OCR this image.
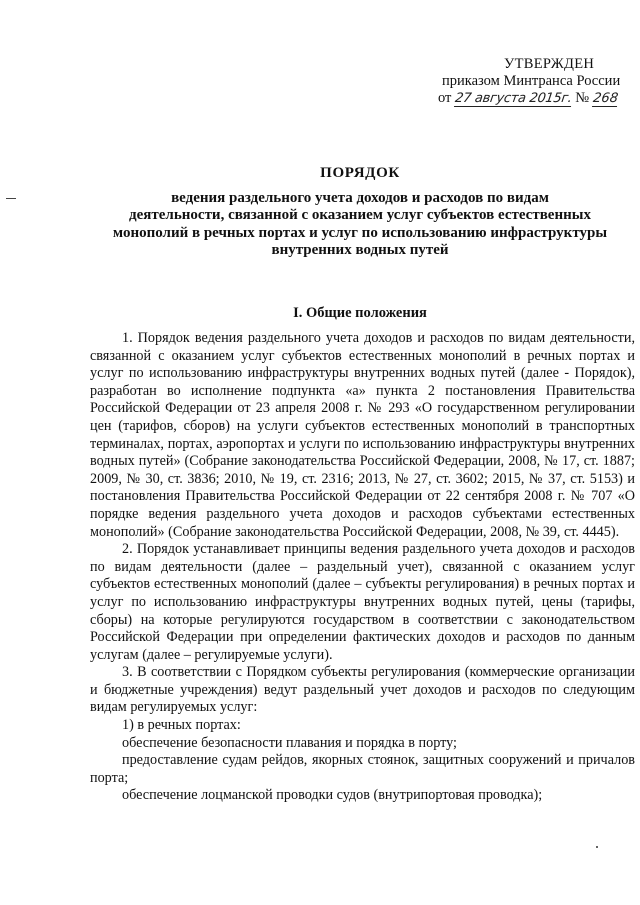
УТВЕРЖДЕН
приказом Минтранса России
от 27 августа 2015г. № 268
ПОРЯДОК
ведения раздельного учета доходов и расходов по видам
деятельности, связанной с оказанием услуг субъектов естественных
монополий в речных портах и услуг по использованию инфраструктуры
внутренних водных путей
I. Общие положения

1. Порядок ведения раздельного учета доходов и расходов по видам деятельности, связанной с оказанием услуг субъектов естественных монополий в речных портах и услуг по использованию инфраструктуры внутренних водных путей (далее - Порядок), разработан во исполнение подпункта «а» пункта 2 постановления Правительства Российской Федерации от 23 апреля 2008 г. № 293 «О государственном регулировании цен (тарифов, сборов) на услуги субъектов естественных монополий в транспортных терминалах, портах, аэропортах и услуги по использованию инфраструктуры внутренних водных путей» (Собрание законодательства Российской Федерации, 2008, № 17, ст. 1887; 2009, № 30, ст. 3836; 2010, № 19, ст. 2316; 2013, № 27, ст. 3602; 2015, № 37, ст. 5153) и постановления Правительства Российской Федерации от 22 сентября 2008 г. № 707 «О порядке ведения раздельного учета доходов и расходов субъектами естественных монополий» (Собрание законодательства Российской Федерации, 2008, № 39, ст. 4445).

2. Порядок устанавливает принципы ведения раздельного учета доходов и расходов по видам деятельности (далее – раздельный учет), связанной с оказанием услуг субъектов естественных монополий (далее – субъекты регулирования) в речных портах и услуг по использованию инфраструктуры внутренних водных путей, цены (тарифы, сборы) на которые регулируются государством в соответствии с законодательством Российской Федерации при определении фактических доходов и расходов по данным услугам (далее – регулируемые услуги).

3. В соответствии с Порядком субъекты регулирования (коммерческие организации и бюджетные учреждения) ведут раздельный учет доходов и расходов по следующим видам регулируемых услуг:

1) в речных портах:

обеспечение безопасности плавания и порядка в порту;

предоставление судам рейдов, якорных стоянок, защитных сооружений и причалов порта;

обеспечение лоцманской проводки судов (внутрипортовая проводка);
